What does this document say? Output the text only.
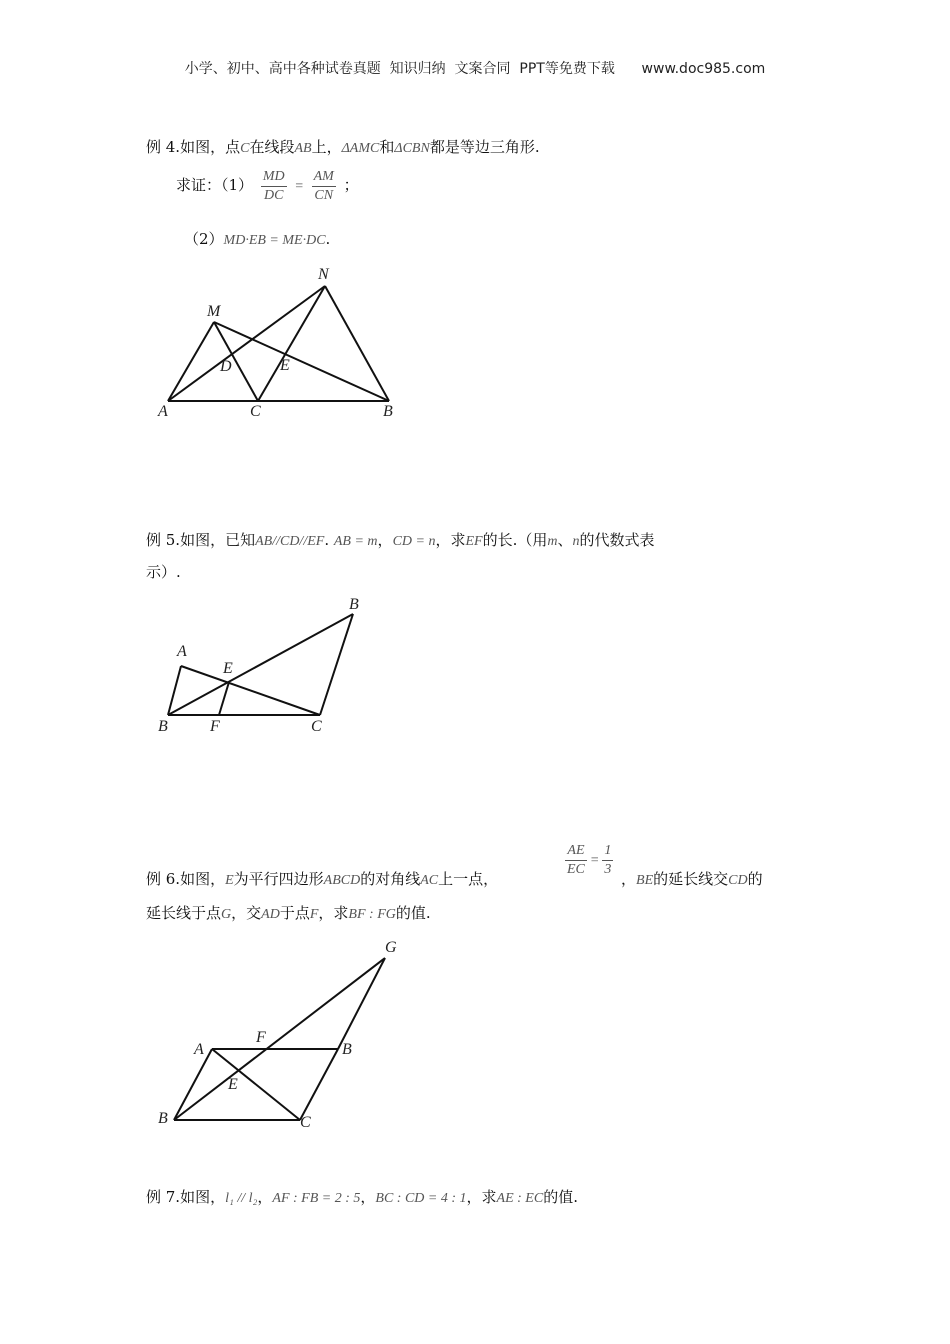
小学、初中、高中各种试卷真题  知识归纳  文案合同  PPT等免费下载      www.doc985.com
例 4.如图，点C在线段AB上，ΔAMC和ΔCBN都是等边三角形.
求证：$(1) \frac{MD}{DC} = \frac{AM}{CN}$ ；
（2）MD·EB = ME·DC.
A	C	B
M
N
D	E
例 5.如图，已知AB//CD//EF. AB = m，CD = n，求EF的长.（用m、n的代数式表
示）.
B
A
E
B	F	C
例 6.如图，E为平行四边形ABCD的对角线AC上一点，
$\frac{AE}{EC} = \frac{1}{3}$
，BE的延长线交CD的
延长线于点G，交AD于点F，求BF : FG的值.
G
A
F
B
E
B	C
例 7.如图，l₁ // l₂，AF : FB = 2 : 5，BC : CD = 4 : 1，求AE : EC的值.
